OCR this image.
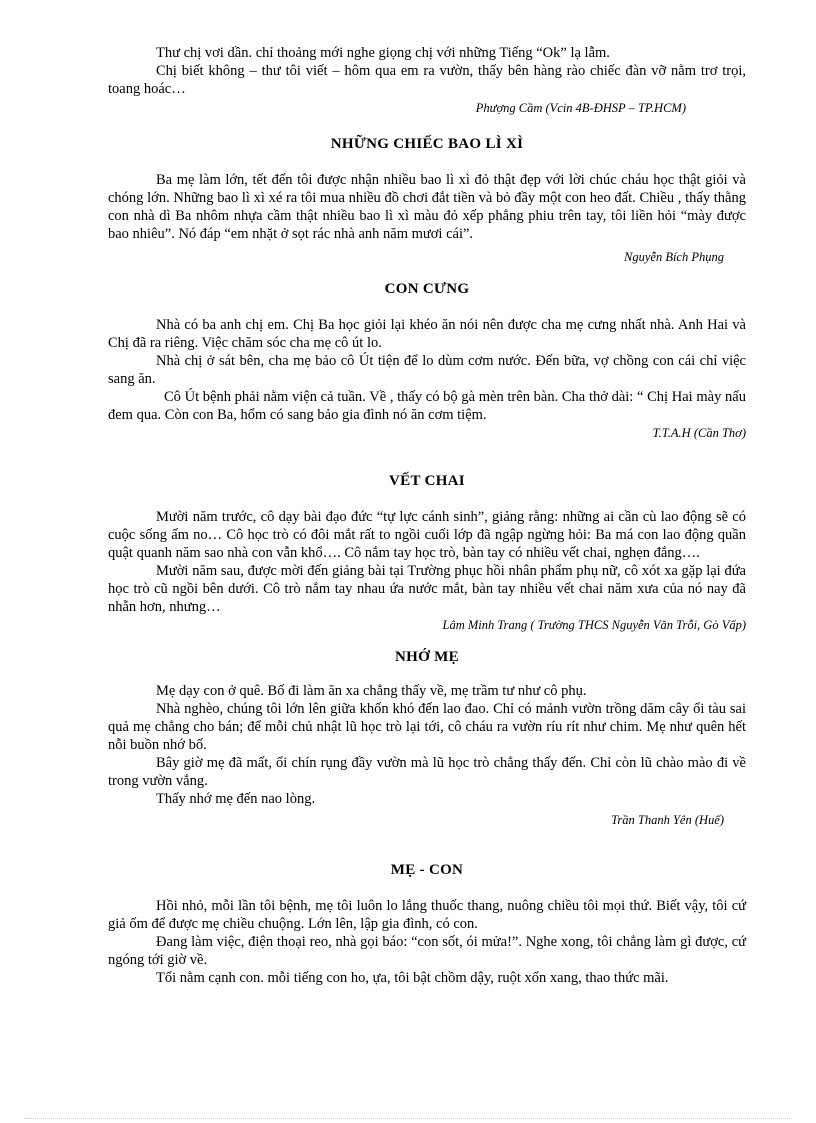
Thư chị vơi dần. chỉ thoảng mới nghe giọng chị với những Tiếng “Ok” lạ lẫm.

Chị biết không – thư tôi viết – hôm qua em ra vườn, thấy bên hàng rào chiếc đàn vỡ nằm trơ trọi, toang hoác…

Phượng Cầm (Vcin 4B-ĐHSP – TP.HCM)
NHỮNG CHIẾC BAO LÌ XÌ

Ba mẹ làm lớn, tết đến tôi được nhận nhiều bao lì xì đỏ thật đẹp với lời chúc cháu học thật giỏi và chóng lớn. Những bao lì xì xé ra tôi mua nhiều đồ chơi đắt tiền và bỏ đầy một con heo đất. Chiều , thấy thằng con nhà dì Ba nhôm nhựa cầm thật nhiều bao lì xì màu đỏ xếp phẳng phiu trên tay, tôi liền hỏi “mày được bao nhiêu”. Nó đáp “em nhặt ở sọt rác nhà anh năm mươi cái”.

Nguyễn Bích Phụng
CON CƯNG

Nhà có ba anh chị em. Chị Ba học giỏi lại khéo ăn nói nên được cha mẹ cưng nhất nhà. Anh Hai và Chị đã ra riêng. Việc chăm sóc cha mẹ cô út lo.

Nhà chị ở sát bên, cha mẹ bảo cô Út tiện để lo dùm cơm nước. Đến bữa, vợ chồng con cái chỉ việc sang ăn.

Cô Út bệnh phải nằm viện cả tuần. Về , thấy có bộ gà mèn trên bàn. Cha thở dài: “ Chị Hai mày nấu đem qua. Còn con Ba, hổm có sang bảo gia đình nó ăn cơm tiệm.

T.T.A.H (Cần Thơ)
VẾT CHAI

Mười năm trước, cô dạy bài đạo đức “tự lực cánh sinh”, giảng rằng: những ai cần cù lao động sẽ có cuộc sống ấm no… Cô học trò có đôi mắt rất to ngồi cuối lớp đã ngập ngừng hỏi: Ba má con lao động quần quật quanh năm sao nhà con vẫn khổ…. Cô nắm tay học trò, bàn tay có nhiều vết chai, nghẹn đắng….

Mười năm sau, được mời đến giảng bài tại Trường phục hồi nhân phẩm phụ nữ, cô xót xa gặp lại đứa học trò cũ ngồi bên dưới. Cô trò nắm tay nhau ứa nước mắt, bàn tay nhiều vết chai năm xưa của nó nay đã nhẵn hơn, nhưng…

Lâm Minh Trang ( Trường THCS Nguyễn Văn Trỗi, Gò Vấp)
NHỚ MẸ

Mẹ dạy con ở quê. Bố đi làm ăn xa chẳng thấy về, mẹ trầm tư như cô phụ.

Nhà nghèo, chúng tôi lớn lên giữa khốn khó đến lao đao. Chỉ có mảnh vườn trồng dăm cây ổi tàu sai quả mẹ chẳng cho bán; để mỗi chủ nhật lũ học trò lại tới, cô cháu ra vườn ríu rít như chim. Mẹ như quên hết nỗi buồn nhớ bố.

Bây giờ mẹ đã mất, ổi chín rụng đầy vườn mà lũ học trò chẳng thấy đến. Chỉ còn lũ chào mào đi về trong vườn vắng.

Thấy nhớ mẹ đến nao lòng.

Trần Thanh Yên (Huế)
MẸ - CON

Hồi nhỏ, mỗi lần tôi bệnh, mẹ tôi luôn lo lắng thuốc thang, nuông chiều tôi mọi thứ. Biết vậy, tôi cứ giả ốm để được mẹ chiều chuộng. Lớn lên, lập gia đình, có con.

Đang làm việc, điện thoại reo, nhà gọi báo: “con sốt, ói mửa!”. Nghe xong, tôi chẳng làm gì được, cứ ngóng tới giờ về.

Tối nằm cạnh con. mỗi tiếng con ho, ựa, tôi bật chồm dậy, ruột xốn xang, thao thức mãi.
